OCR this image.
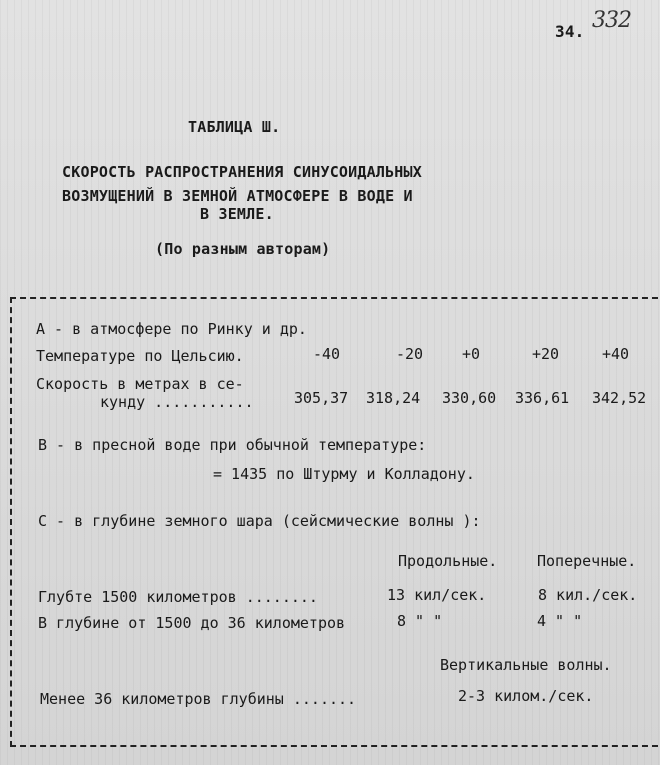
34. 332
ТАБЛИЦА Ш.
СКОРОСТЬ РАСПРОСТРАНЕНИЯ СИНУСОИДАЛЬНЫХ
ВОЗМУЩЕНИЙ В ЗЕМНОЙ АТМОСФЕРЕ В ВОДЕ И
В ЗЕМЛЕ.
(По разным авторам)
А - в атмосфере по Ринку и др.
Температуре по Цельсию.	-40	-20	+0	+20	+40
Скорость в метрах в се-
кунду ...........	305,37 318,24 330,60 336,61 342,52
В - в пресной воде при обычной температуре:
= 1435 по Штурму и Колладону.
С - в глубине земного шара (сейсмические волны ):
Продольные.	Поперечные.
Глубте 1500 километров ........	13 кил/сек.	8 кил./сек.
В глубине от 1500 до 36 километров	8 " "	4 " "
Вертикальные волны.
Менее 36 километров глубины .......	2-3 килом./сек.
